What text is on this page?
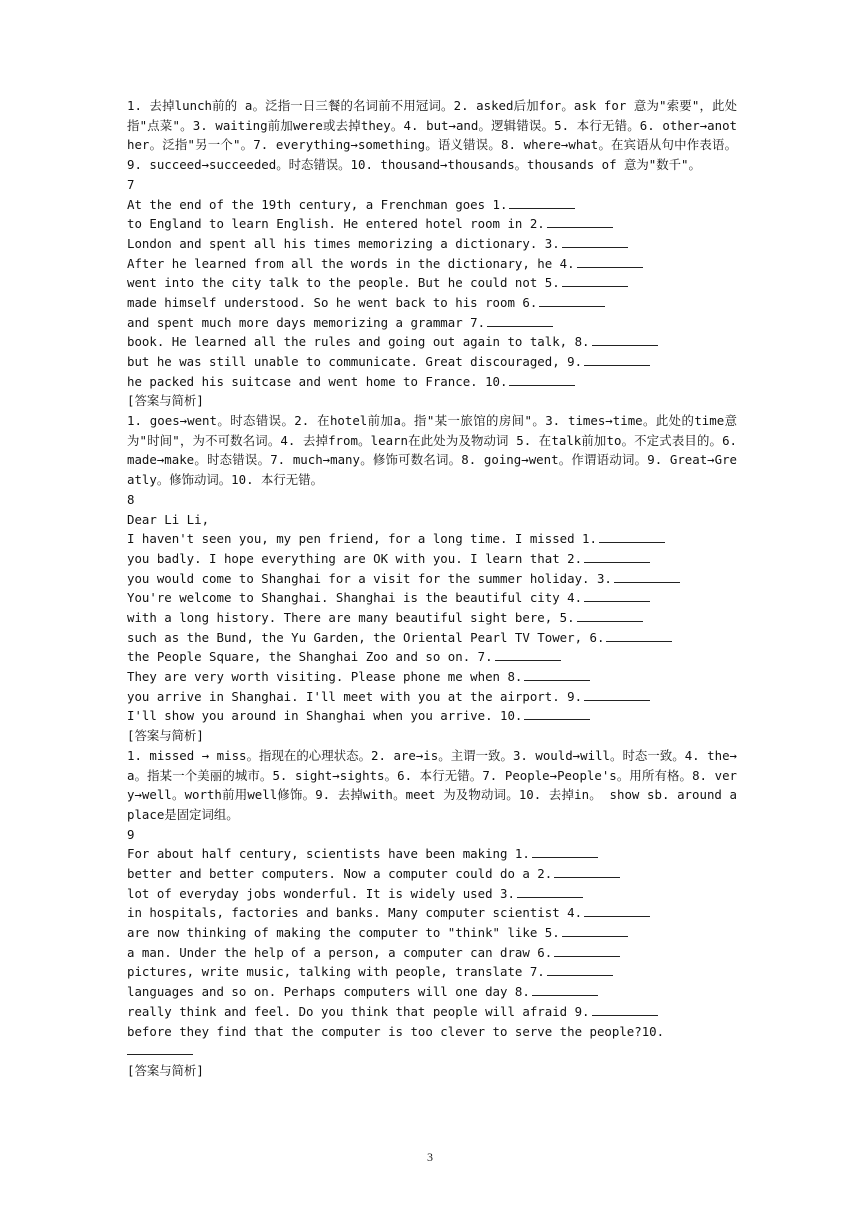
1. 去掉lunch前的 a。泛指一日三餐的名词前不用冠词。2. asked后加for。ask for 意为"索要"，此处指"点菜"。3. waiting前加were或去掉they。4. but→and。逻辑错误。5. 本行无错。6. other→another。泛指"另一个"。7. everything→something。语义错误。8. where→what。在宾语从句中作表语。9. succeed→succeeded。时态错误。10. thousand→thousands。thousands of 意为"数千"。
7
At the end of the 19th century, a Frenchman goes 1.
to England to learn English. He entered hotel room in 2.
London and spent all his times memorizing a dictionary. 3.
After he learned from all the words in the dictionary, he 4.
went into the city talk to the people. But he could not 5.
made himself understood. So he went back to his room 6.
and spent much more days memorizing a grammar 7.
book. He learned all the rules and going out again to talk, 8.
but he was still unable to communicate. Great discouraged, 9.
he packed his suitcase and went home to France. 10.
[答案与简析]
1. goes→went。时态错误。2. 在hotel前加a。指"某一旅馆的房间"。3. times→time。此处的time意为"时间"，为不可数名词。4. 去掉from。learn在此处为及物动词 5. 在talk前加to。不定式表目的。6. made→make。时态错误。7. much→many。修饰可数名词。8. going→went。作谓语动词。9. Great→Greatly。修饰动词。10. 本行无错。
8
Dear Li Li,
I haven't seen you, my pen friend, for a long time. I missed 1.
you badly. I hope everything are OK with you. I learn that 2.
you would come to Shanghai for a visit for the summer holiday. 3.
You're welcome to Shanghai. Shanghai is the beautiful city 4.
with a long history. There are many beautiful sight bere, 5.
such as the Bund, the Yu Garden, the Oriental Pearl TV Tower, 6.
the People Square, the Shanghai Zoo and so on. 7.
They are very worth visiting. Please phone me when 8.
you arrive in Shanghai. I'll meet with you at the airport. 9.
I'll show you around in Shanghai when you arrive. 10.
[答案与简析]
1. missed → miss。指现在的心理状态。2. are→is。主谓一致。3. would→will。时态一致。4. the→a。指某一个美丽的城市。5. sight→sights。6. 本行无错。7. People→People's。用所有格。8. very→well。worth前用well修饰。9. 去掉with。meet 为及物动词。10. 去掉in。 show sb. around a place是固定词组。
9
For about half century, scientists have been making 1.
better and better computers. Now a computer could do a 2.
lot of everyday jobs wonderful. It is widely used 3.
in hospitals, factories and banks. Many computer scientist 4.
are now thinking of making the computer to "think" like 5.
a man. Under the help of a person, a computer can draw 6.
pictures, write music, talking with people, translate 7.
languages and so on. Perhaps computers will one day 8.
really think and feel. Do you think that people will afraid 9.
before they find that the computer is too clever to serve the people?10.
[答案与简析]
3
